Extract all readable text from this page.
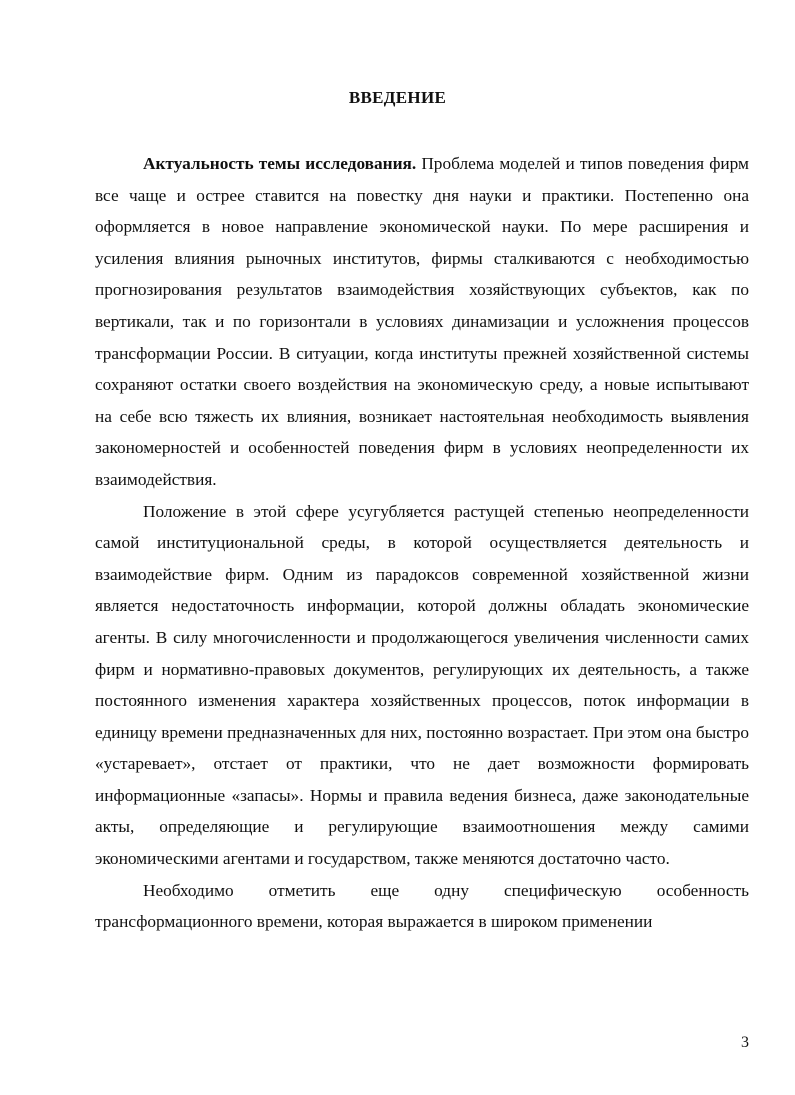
ВВЕДЕНИЕ

Актуальность темы исследования. Проблема моделей и типов поведения фирм все чаще и острее ставится на повестку дня науки и практики. Постепенно она оформляется в новое направление экономической науки. По мере расширения и усиления влияния рыночных институтов, фирмы сталкиваются с необходимостью прогнозирования результатов взаимодействия хозяйствующих субъектов, как по вертикали, так и по горизонтали в условиях динамизации и усложнения процессов трансформации России. В ситуации, когда институты прежней хозяйственной системы сохраняют остатки своего воздействия на экономическую среду, а новые испытывают на себе всю тяжесть их влияния, возникает настоятельная необходимость выявления закономерностей и особенностей поведения фирм в условиях неопределенности их взаимодействия.

Положение в этой сфере усугубляется растущей степенью неопределенности самой институциональной среды, в которой осуществляется деятельность и взаимодействие фирм. Одним из парадоксов современной хозяйственной жизни является недостаточность информации, которой должны обладать экономические агенты. В силу многочисленности и продолжающегося увеличения численности самих фирм и нормативно-правовых документов, регулирующих их деятельность, а также постоянного изменения характера хозяйственных процессов, поток информации в единицу времени предназначенных для них, постоянно возрастает. При этом она быстро «устаревает», отстает от практики, что не дает возможности формировать информационные «запасы». Нормы и правила ведения бизнеса, даже законодательные акты, определяющие и регулирующие взаимоотношения между самими экономическими агентами и государством, также меняются достаточно часто.

Необходимо отметить еще одну специфическую особенность трансформационного времени, которая выражается в широком применении

3
